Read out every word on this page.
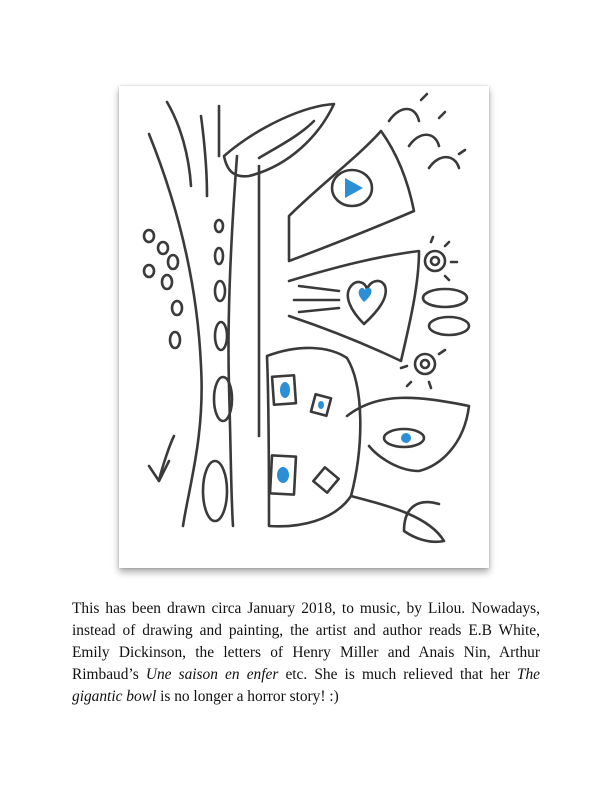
This has been drawn circa January 2018, to music, by Lilou. Nowadays, instead of drawing and painting, the artist and author reads E.B White, Emily Dickinson, the letters of Henry Miller and Anais Nin, Arthur Rimbaud’s Une saison en enfer etc. She is much relieved that her The gigantic bowl is no longer a horror story! :)
